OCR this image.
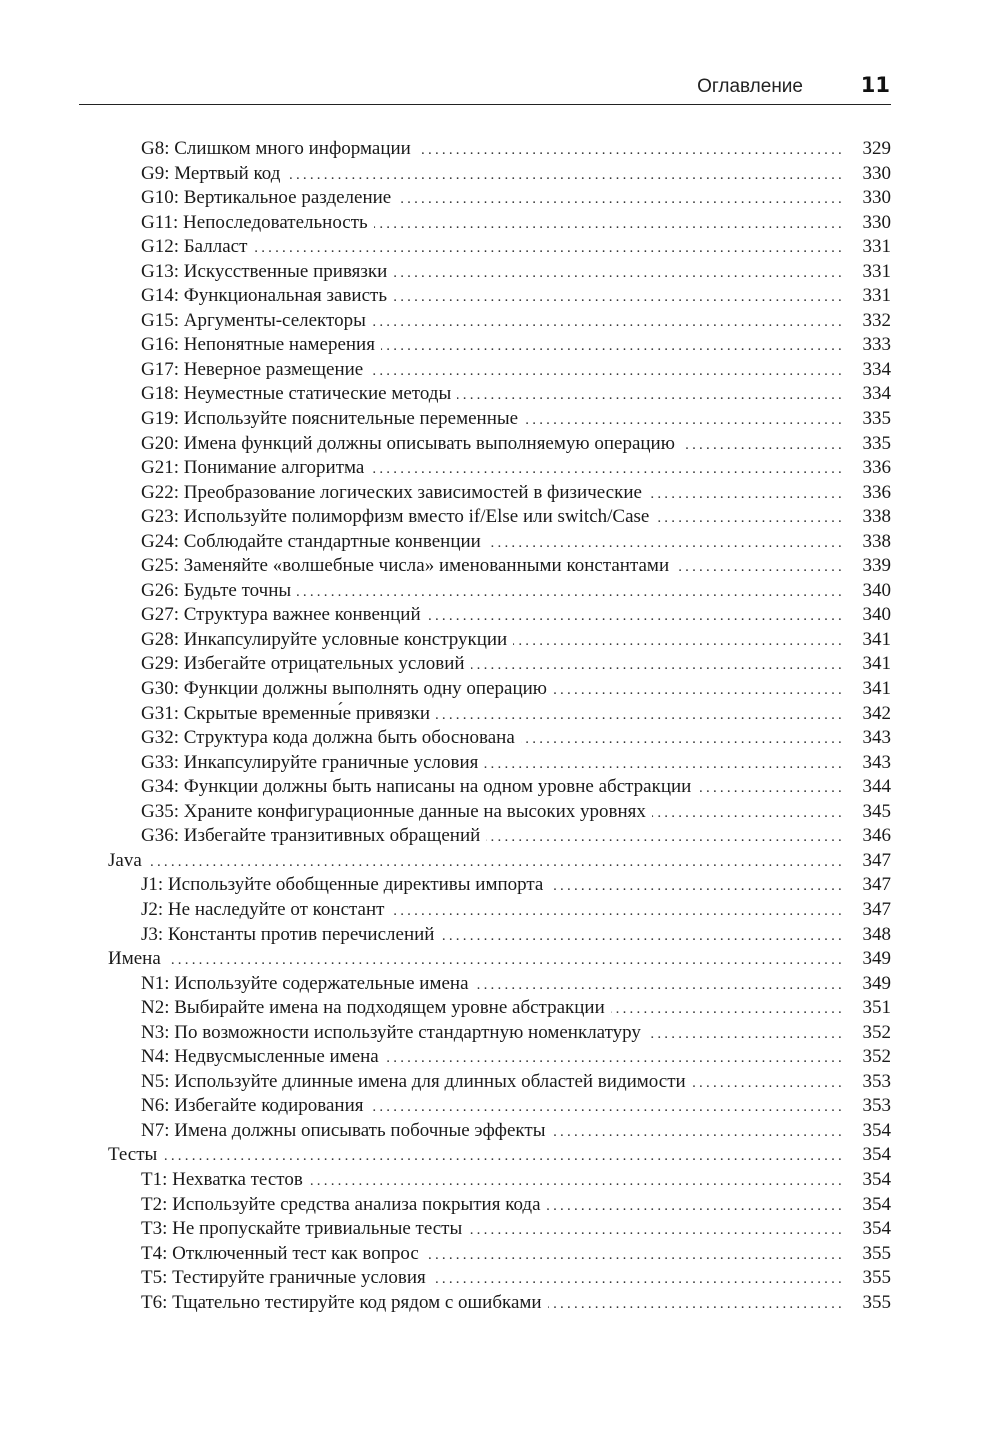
Оглавление	11
G8: Слишком много информации .....	329
G9: Мертвый код .....	330
G10: Вертикальное разделение .....	330
G11: Непоследовательность .....	330
G12: Балласт .....	331
G13: Искусственные привязки .....	331
G14: Функциональная зависть .....	331
G15: Аргументы-селекторы .....	332
G16: Непонятные намерения .....	333
G17: Неверное размещение .....	334
G18: Неуместные статические методы .....	334
G19: Используйте пояснительные переменные .....	335
G20: Имена функций должны описывать выполняемую операцию .....	335
G21: Понимание алгоритма .....	336
G22: Преобразование логических зависимостей в физические .....	336
G23: Используйте полиморфизм вместо if/Else или switch/Case .....	338
G24: Соблюдайте стандартные конвенции .....	338
G25: Заменяйте «волшебные числа» именованными константами .....	339
G26: Будьте точны .....	340
G27: Структура важнее конвенций .....	340
G28: Инкапсулируйте условные конструкции .....	341
G29: Избегайте отрицательных условий .....	341
G30: Функции должны выполнять одну операцию .....	341
G31: Скрытые временны́е привязки .....	342
G32: Структура кода должна быть обоснована .....	343
G33: Инкапсулируйте граничные условия .....	343
G34: Функции должны быть написаны на одном уровне абстракции .....	344
G35: Храните конфигурационные данные на высоких уровнях .....	345
G36: Избегайте транзитивных обращений .....	346
Java .....	347
J1: Используйте обобщенные директивы импорта .....	347
J2: Не наследуйте от констант .....	347
J3: Константы против перечислений .....	348
Имена .....	349
N1: Используйте содержательные имена .....	349
N2: Выбирайте имена на подходящем уровне абстракции .....	351
N3: По возможности используйте стандартную номенклатуру .....	352
N4: Недвусмысленные имена .....	352
N5: Используйте длинные имена для длинных областей видимости .....	353
N6: Избегайте кодирования .....	353
N7: Имена должны описывать побочные эффекты .....	354
Тесты .....	354
T1: Нехватка тестов .....	354
T2: Используйте средства анализа покрытия кода .....	354
T3: Не пропускайте тривиальные тесты .....	354
T4: Отключенный тест как вопрос .....	355
T5: Тестируйте граничные условия .....	355
T6: Тщательно тестируйте код рядом с ошибками .....	355
